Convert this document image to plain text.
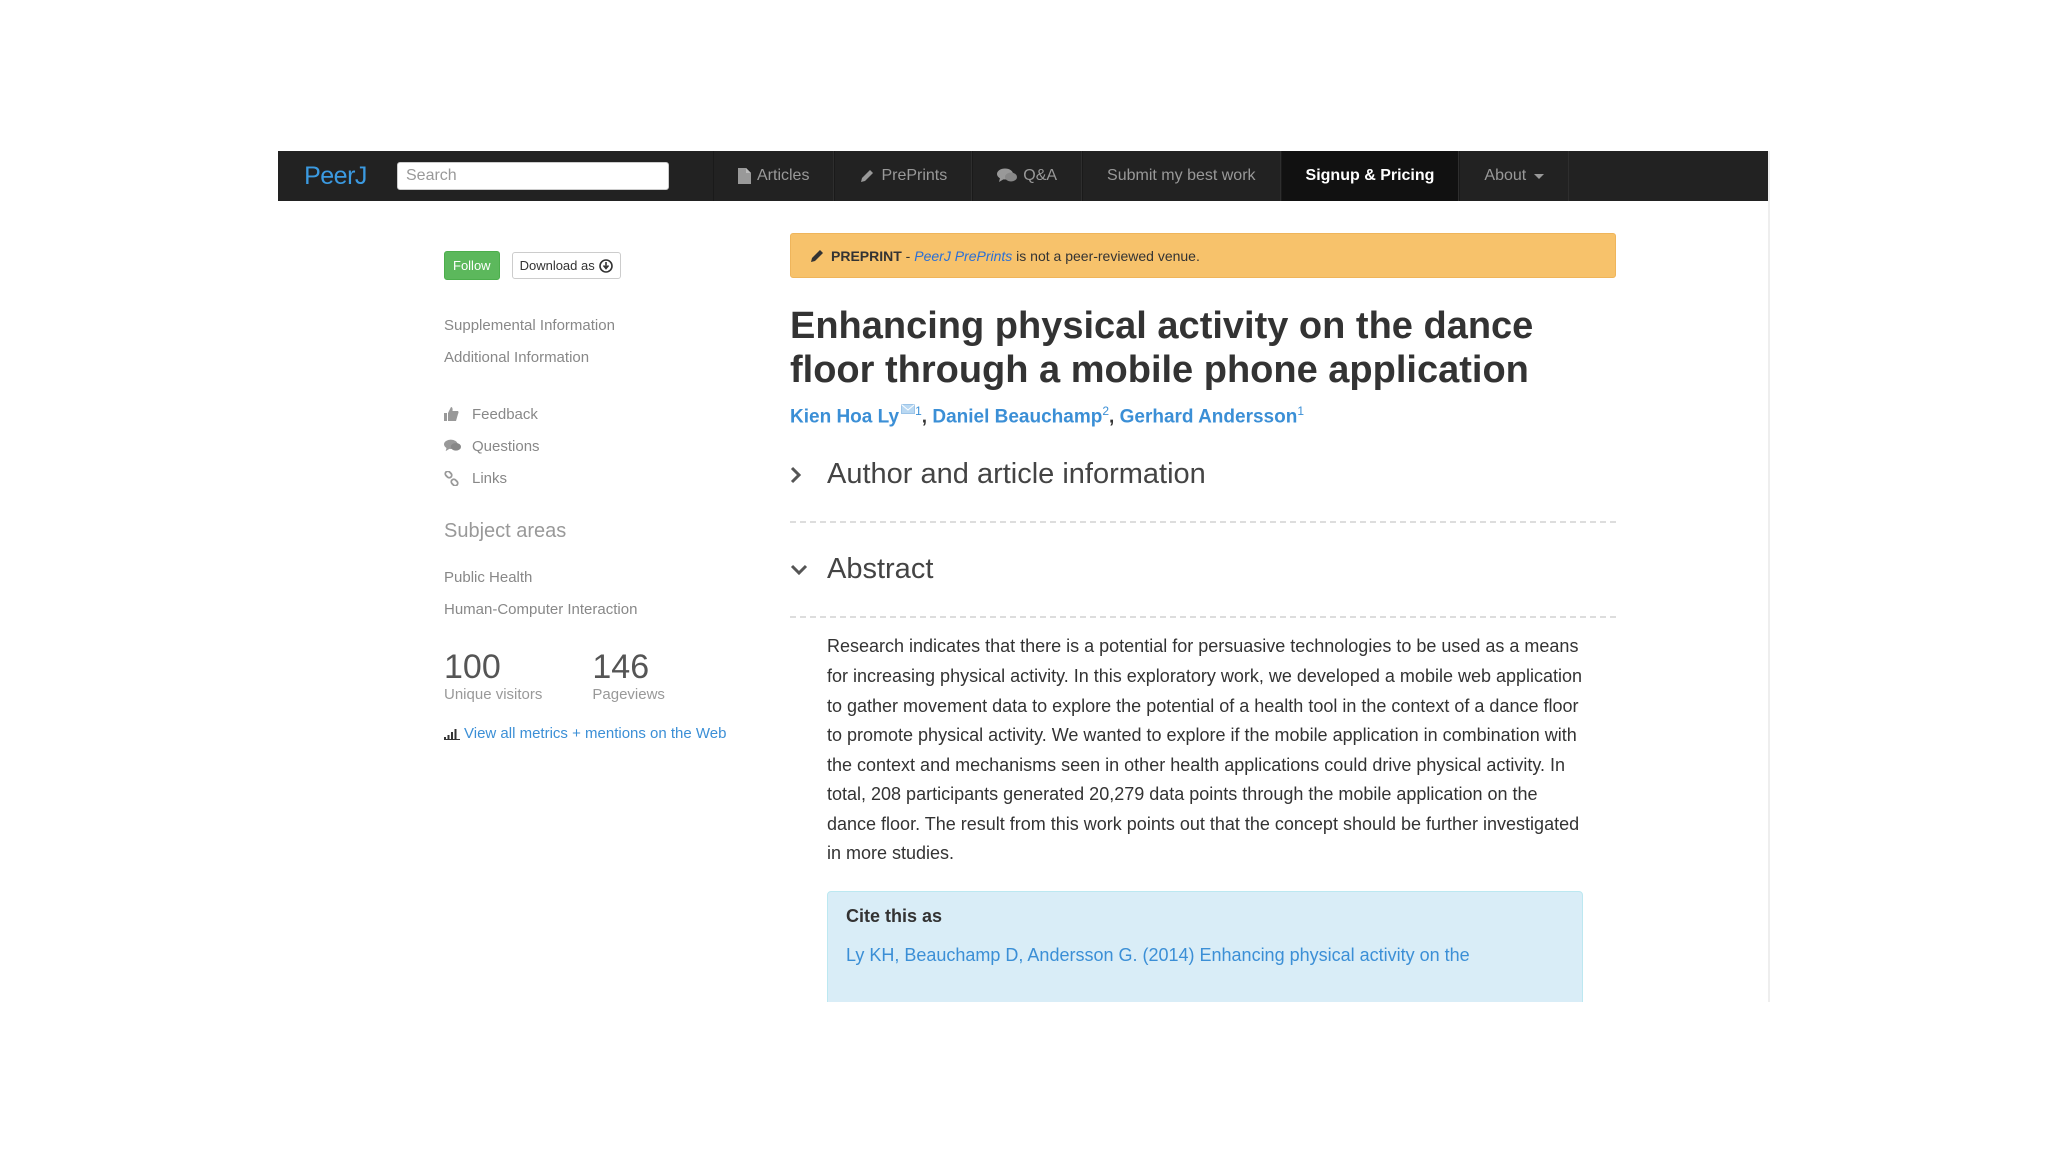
PeerJ
Search	Articles	PrePrints	Q&A	Submit my best work	Signup & Pricing	About
Follow	Download as
Supplemental Information
Additional Information
Feedback
Questions
Links
Subject areas
Public Health
Human-Computer Interaction
100
Unique visitors
146
Pageviews
View all metrics + mentions on the Web
PREPRINT - PeerJ PrePrints is not a peer-reviewed venue.
Enhancing physical activity on the dance floor through a mobile phone application
Kien Hoa Ly $^1$, Daniel Beauchamp$^2$, Gerhard Andersson$^1$
Author and article information
Abstract

Research indicates that there is a potential for persuasive technologies to be used as a means for increasing physical activity. In this exploratory work, we developed a mobile web application to gather movement data to explore the potential of a health tool in the context of a dance floor to promote physical activity. We wanted to explore if the mobile application in combination with the context and mechanisms seen in other health applications could drive physical activity. In total, 208 participants generated 20,279 data points through the mobile application on the dance floor. The result from this work points out that the concept should be further investigated in more studies.

Cite this as
Ly KH, Beauchamp D, Andersson G. (2014) Enhancing physical activity on the
